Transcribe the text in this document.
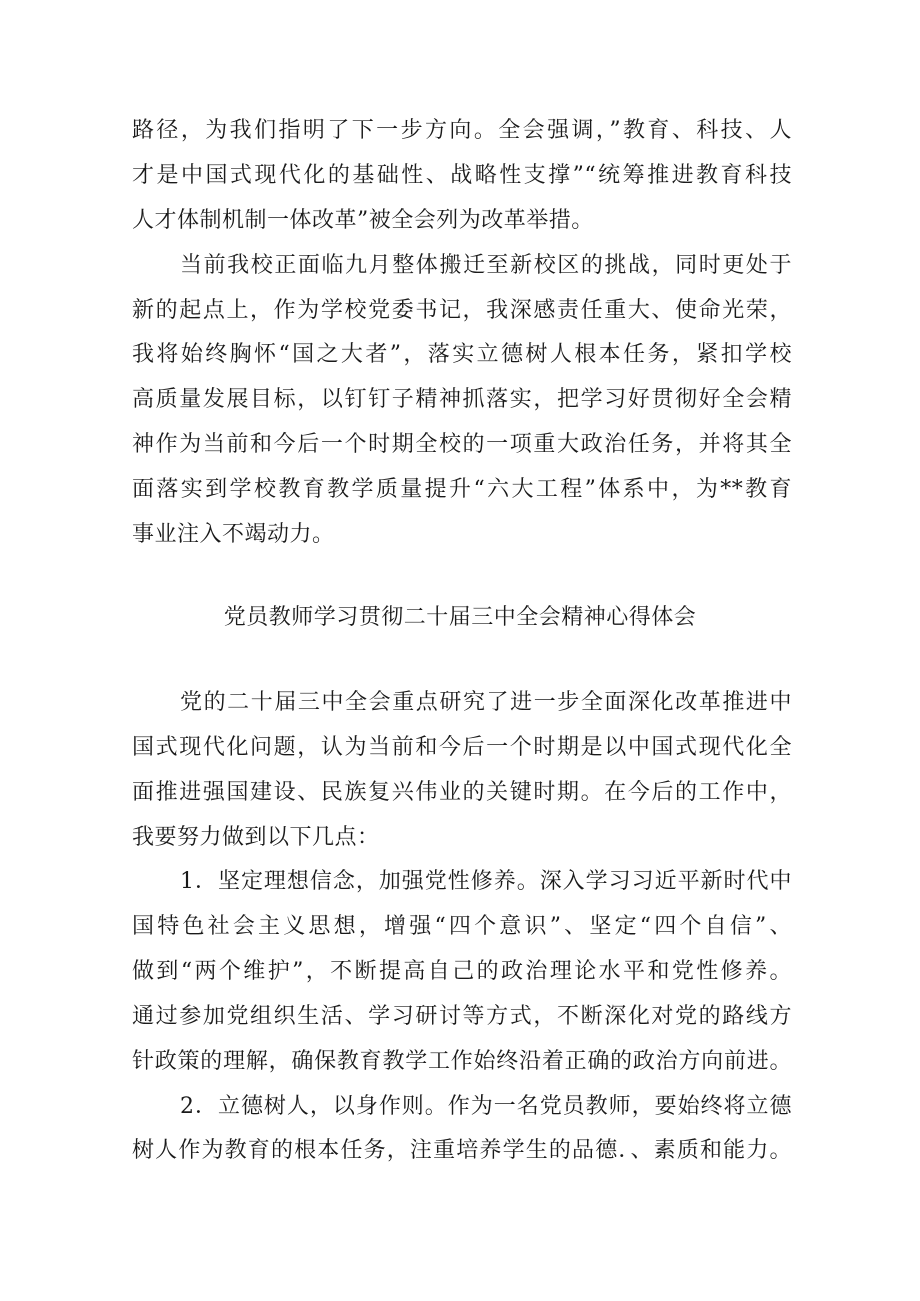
路径，为我们指明了下一步方向。全会强调，”教育、科技、人
才是中国式现代化的基础性、战略性支撑”“统筹推进教育科技
人才体制机制一体改革”被全会列为改革举措。
当前我校正面临九月整体搬迁至新校区的挑战，同时更处于
新的起点上，作为学校党委书记，我深感责任重大、使命光荣，
我将始终胸怀“国之大者”，落实立德树人根本任务，紧扣学校
高质量发展目标，以钉钉子精神抓落实，把学习好贯彻好全会精
神作为当前和今后一个时期全校的一项重大政治任务，并将其全
面落实到学校教育教学质量提升“六大工程”体系中，为**教育
事业注入不竭动力。
党员教师学习贯彻二十届三中全会精神心得体会
党的二十届三中全会重点研究了进一步全面深化改革推进中
国式现代化问题，认为当前和今后一个时期是以中国式现代化全
面推进强国建设、民族复兴伟业的关键时期。在今后的工作中，
我要努力做到以下几点：
1．坚定理想信念，加强党性修养。深入学习习近平新时代中
国特色社会主义思想，增强“四个意识”、坚定“四个自信”、
做到“两个维护”，不断提高自己的政治理论水平和党性修养。
通过参加党组织生活、学习研讨等方式，不断深化对党的路线方
针政策的理解，确保教育教学工作始终沿着正确的政治方向前进。
2．立德树人，以身作则。作为一名党员教师，要始终将立德
树人作为教育的根本任务，注重培养学生的品德．、素质和能力。
